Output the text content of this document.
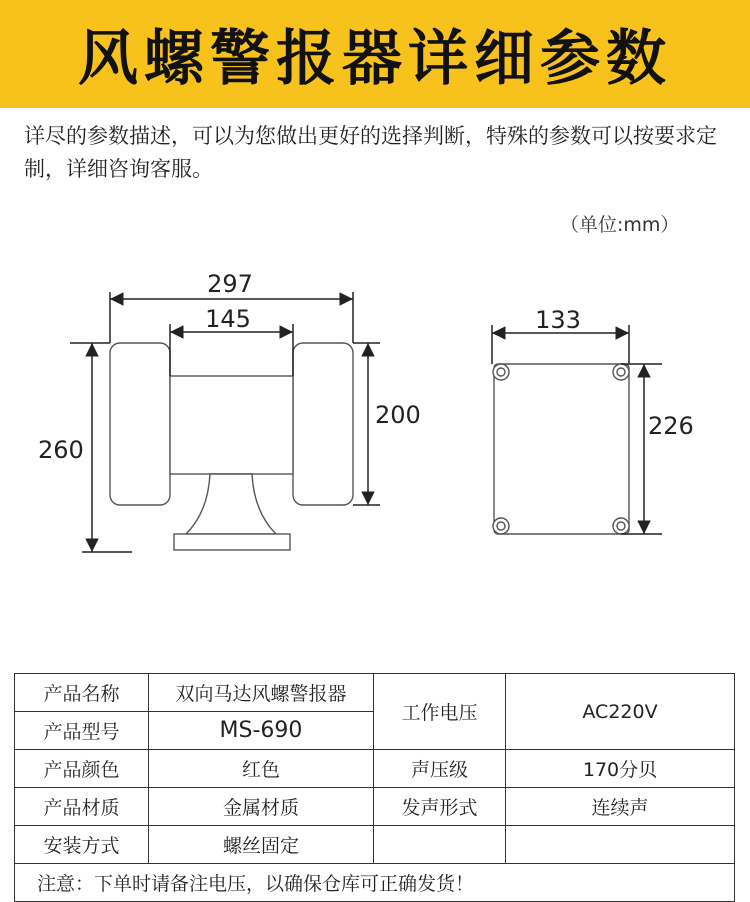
风螺警报器详细参数
详尽的参数描述，可以为您做出更好的选择判断，特殊的参数可以按要求定制，详细咨询客服。
（单位:mm）
297
145
260
200
133
226
产品名称	双向马达风螺警报器	工作电压	AC220V
产品型号	MS-690		
产品颜色	红色	声压级	170分贝
产品材质	金属材质	发声形式	连续声
安装方式	螺丝固定		
注意：下单时请备注电压，以确保仓库可正确发货！			
